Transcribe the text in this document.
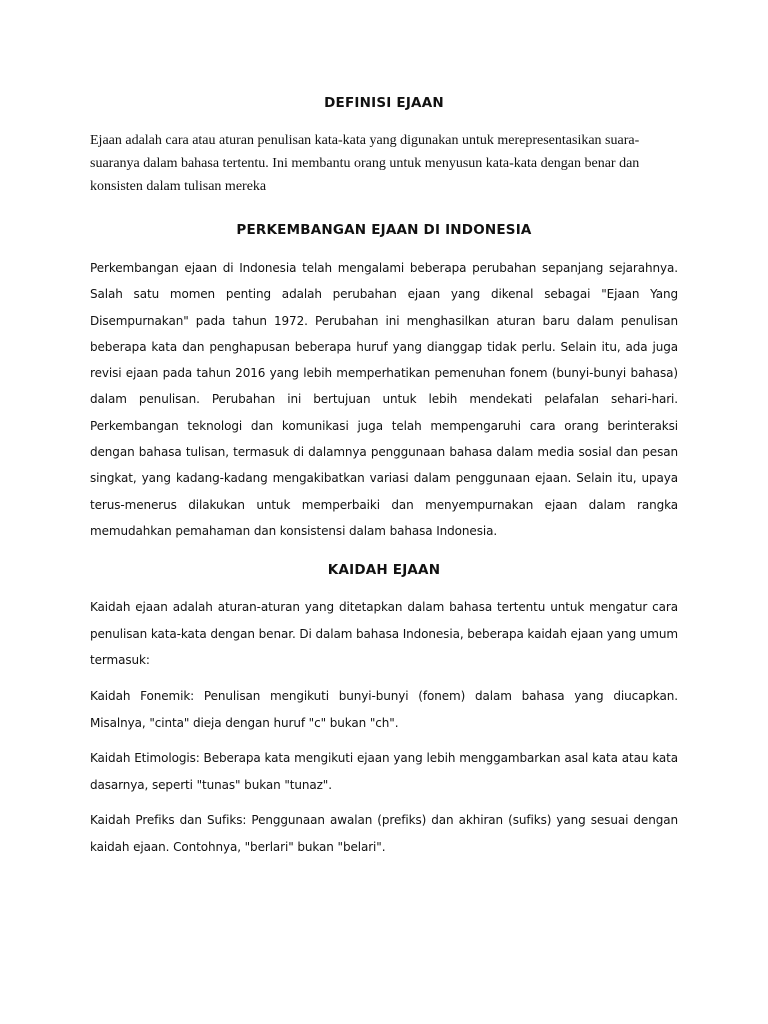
DEFINISI EJAAN

Ejaan adalah cara atau aturan penulisan kata-kata yang digunakan untuk merepresentasikan suara-suaranya dalam bahasa tertentu. Ini membantu orang untuk menyusun kata-kata dengan benar dan konsisten dalam tulisan mereka

PERKEMBANGAN EJAAN DI INDONESIA

Perkembangan ejaan di Indonesia telah mengalami beberapa perubahan sepanjang sejarahnya. Salah satu momen penting adalah perubahan ejaan yang dikenal sebagai "Ejaan Yang Disempurnakan" pada tahun 1972. Perubahan ini menghasilkan aturan baru dalam penulisan beberapa kata dan penghapusan beberapa huruf yang dianggap tidak perlu. Selain itu, ada juga revisi ejaan pada tahun 2016 yang lebih memperhatikan pemenuhan fonem (bunyi-bunyi bahasa) dalam penulisan. Perubahan ini bertujuan untuk lebih mendekati pelafalan sehari-hari. Perkembangan teknologi dan komunikasi juga telah mempengaruhi cara orang berinteraksi dengan bahasa tulisan, termasuk di dalamnya penggunaan bahasa dalam media sosial dan pesan singkat, yang kadang-kadang mengakibatkan variasi dalam penggunaan ejaan. Selain itu, upaya terus-menerus dilakukan untuk memperbaiki dan menyempurnakan ejaan dalam rangka memudahkan pemahaman dan konsistensi dalam bahasa Indonesia.

KAIDAH EJAAN

Kaidah ejaan adalah aturan-aturan yang ditetapkan dalam bahasa tertentu untuk mengatur cara penulisan kata-kata dengan benar. Di dalam bahasa Indonesia, beberapa kaidah ejaan yang umum termasuk:

Kaidah Fonemik: Penulisan mengikuti bunyi-bunyi (fonem) dalam bahasa yang diucapkan. Misalnya, "cinta" dieja dengan huruf "c" bukan "ch".

Kaidah Etimologis: Beberapa kata mengikuti ejaan yang lebih menggambarkan asal kata atau kata dasarnya, seperti "tunas" bukan "tunaz".

Kaidah Prefiks dan Sufiks: Penggunaan awalan (prefiks) dan akhiran (sufiks) yang sesuai dengan kaidah ejaan. Contohnya, "berlari" bukan "belari".
